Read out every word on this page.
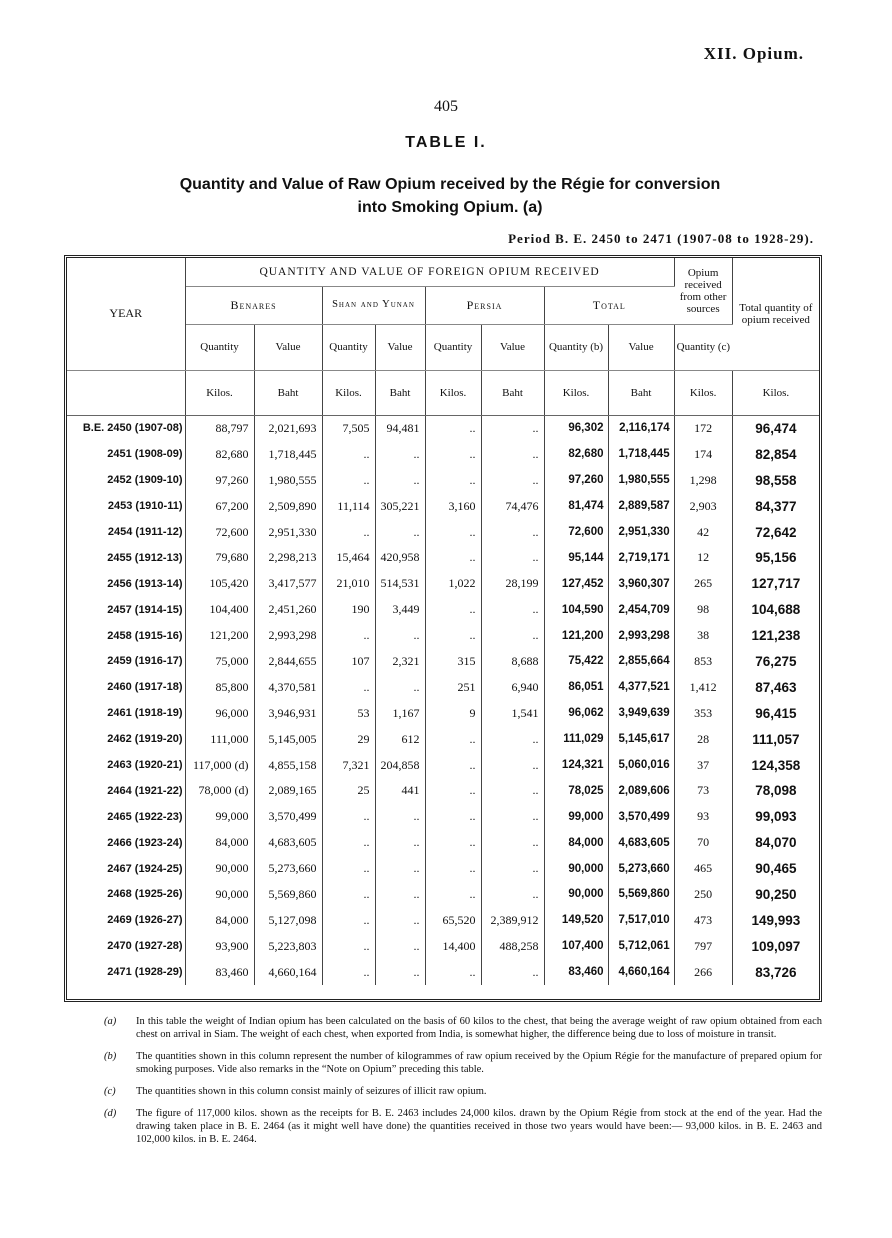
XII. Opium.
405
TABLE I.
Quantity and Value of Raw Opium received by the Régie for conversion
into Smoking Opium. (a)
Period B. E. 2450 to 2471 (1907-08 to 1928-29).
YEAR	QUANTITY AND VALUE OF FOREIGN OPIUM RECEIVED								Opium received from other sources	Total quantity of opium received
	Benares		Shan and Yunan		Persia		Total			
	Quantity	Value	Quantity	Value	Quantity	Value	Quantity (b)	Value	Quantity (c)	
	Kilos.	Baht	Kilos.	Baht	Kilos.	Baht	Kilos.	Baht	Kilos.	Kilos.
B.E. 2450 (1907-08)	88,797	2,021,693	7,505	94,481	..	..	96,302	2,116,174	172	96,474
2451 (1908-09)	82,680	1,718,445	..	..	..	..	82,680	1,718,445	174	82,854
2452 (1909-10)	97,260	1,980,555	..	..	..	..	97,260	1,980,555	1,298	98,558
2453 (1910-11)	67,200	2,509,890	11,114	305,221	3,160	74,476	81,474	2,889,587	2,903	84,377
2454 (1911-12)	72,600	2,951,330	..	..	..	..	72,600	2,951,330	42	72,642
2455 (1912-13)	79,680	2,298,213	15,464	420,958	..	..	95,144	2,719,171	12	95,156
2456 (1913-14)	105,420	3,417,577	21,010	514,531	1,022	28,199	127,452	3,960,307	265	127,717
2457 (1914-15)	104,400	2,451,260	190	3,449	..	..	104,590	2,454,709	98	104,688
2458 (1915-16)	121,200	2,993,298	..	..	..	..	121,200	2,993,298	38	121,238
2459 (1916-17)	75,000	2,844,655	107	2,321	315	8,688	75,422	2,855,664	853	76,275
2460 (1917-18)	85,800	4,370,581	..	..	251	6,940	86,051	4,377,521	1,412	87,463
2461 (1918-19)	96,000	3,946,931	53	1,167	9	1,541	96,062	3,949,639	353	96,415
2462 (1919-20)	111,000	5,145,005	29	612	..	..	111,029	5,145,617	28	111,057
2463 (1920-21)	117,000 (d)	4,855,158	7,321	204,858	..	..	124,321	5,060,016	37	124,358
2464 (1921-22)	78,000 (d)	2,089,165	25	441	..	..	78,025	2,089,606	73	78,098
2465 (1922-23)	99,000	3,570,499	..	..	..	..	99,000	3,570,499	93	99,093
2466 (1923-24)	84,000	4,683,605	..	..	..	..	84,000	4,683,605	70	84,070
2467 (1924-25)	90,000	5,273,660	..	..	..	..	90,000	5,273,660	465	90,465
2468 (1925-26)	90,000	5,569,860	..	..	..	..	90,000	5,569,860	250	90,250
2469 (1926-27)	84,000	5,127,098	..	..	65,520	2,389,912	149,520	7,517,010	473	149,993
2470 (1927-28)	93,900	5,223,803	..	..	14,400	488,258	107,400	5,712,061	797	109,097
2471 (1928-29)	83,460	4,660,164	..	..	..	..	83,460	4,660,164	266	83,726
(a)	In this table the weight of Indian opium has been calculated on the basis of 60 kilos to the chest, that being the average weight of raw opium obtained from each chest on arrival in Siam. The weight of each chest, when exported from India, is somewhat higher, the difference being due to loss of moisture in transit.
(b)	The quantities shown in this column represent the number of kilogrammes of raw opium received by the Opium Régie for the manufacture of prepared opium for smoking purposes. Vide also remarks in the “Note on Opium” preceding this table.
(c)	The quantities shown in this column consist mainly of seizures of illicit raw opium.
(d)	The figure of 117,000 kilos. shown as the receipts for B. E. 2463 includes 24,000 kilos. drawn by the Opium Régie from stock at the end of the year. Had the drawing taken place in B. E. 2464 (as it might well have done) the quantities received in those two years would have been:— 93,000 kilos. in B. E. 2463 and 102,000 kilos. in B. E. 2464.
